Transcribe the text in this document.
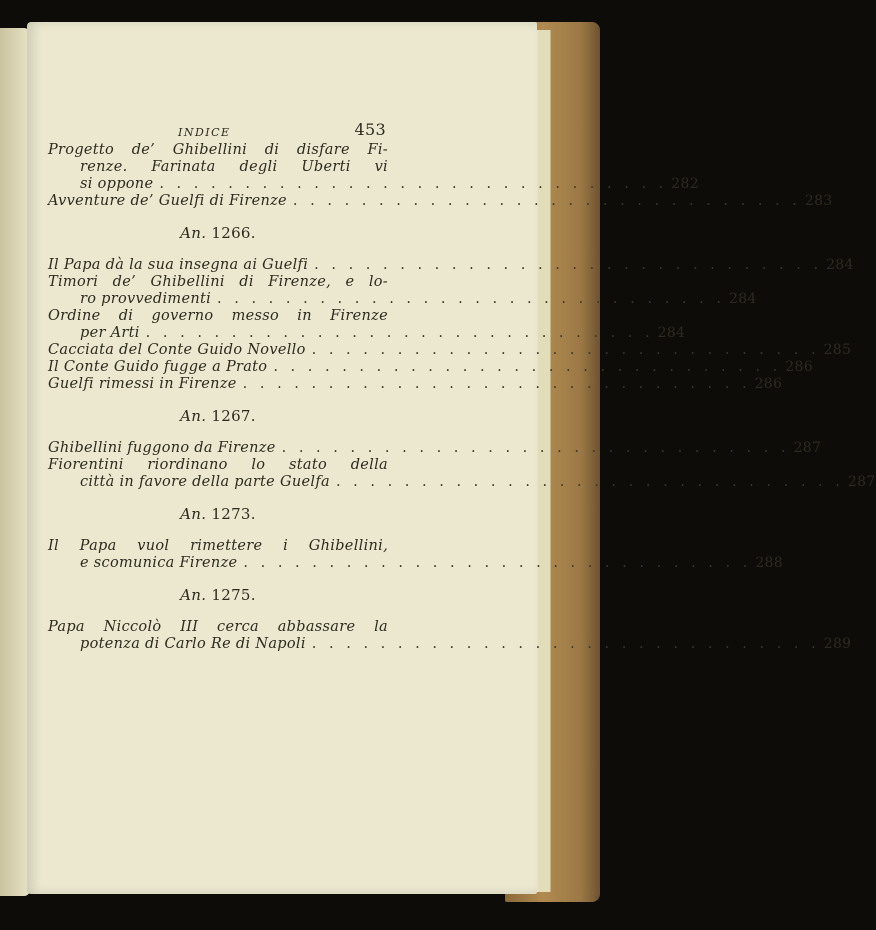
INDICE	453
Progetto de’ Ghibellini di disfare Fi-
renze. Farinata degli Uberti vi
si oppone . . . . . . . . . . . . . . . . . . . . . . . . . . . . . . 282
Avventure de’ Guelfi di Firenze . . . . . . . . . . . . . . . . . . . . . . . . . . . . . . 283
An. 1266.
Il Papa dà la sua insegna ai Guelfi . . . . . . . . . . . . . . . . . . . . . . . . . . . . . . 284
Timori de’ Ghibellini di Firenze, e lo-
ro provvedimenti . . . . . . . . . . . . . . . . . . . . . . . . . . . . . . 284
Ordine di governo messo in Firenze
per Arti . . . . . . . . . . . . . . . . . . . . . . . . . . . . . . 284
Cacciata del Conte Guido Novello . . . . . . . . . . . . . . . . . . . . . . . . . . . . . . 285
Il Conte Guido fugge a Prato . . . . . . . . . . . . . . . . . . . . . . . . . . . . . . 286
Guelfi rimessi in Firenze . . . . . . . . . . . . . . . . . . . . . . . . . . . . . . 286
An. 1267.
Ghibellini fuggono da Firenze . . . . . . . . . . . . . . . . . . . . . . . . . . . . . . 287
Fiorentini riordinano lo stato della
città in favore della parte Guelfa . . . . . . . . . . . . . . . . . . . . . . . . . . . . . . 287
An. 1273.
Il Papa vuol rimettere i Ghibellini,
e scomunica Firenze . . . . . . . . . . . . . . . . . . . . . . . . . . . . . . 288
An. 1275.
Papa Niccolò III cerca abbassare la
potenza di Carlo Re di Napoli . . . . . . . . . . . . . . . . . . . . . . . . . . . . . . 289
